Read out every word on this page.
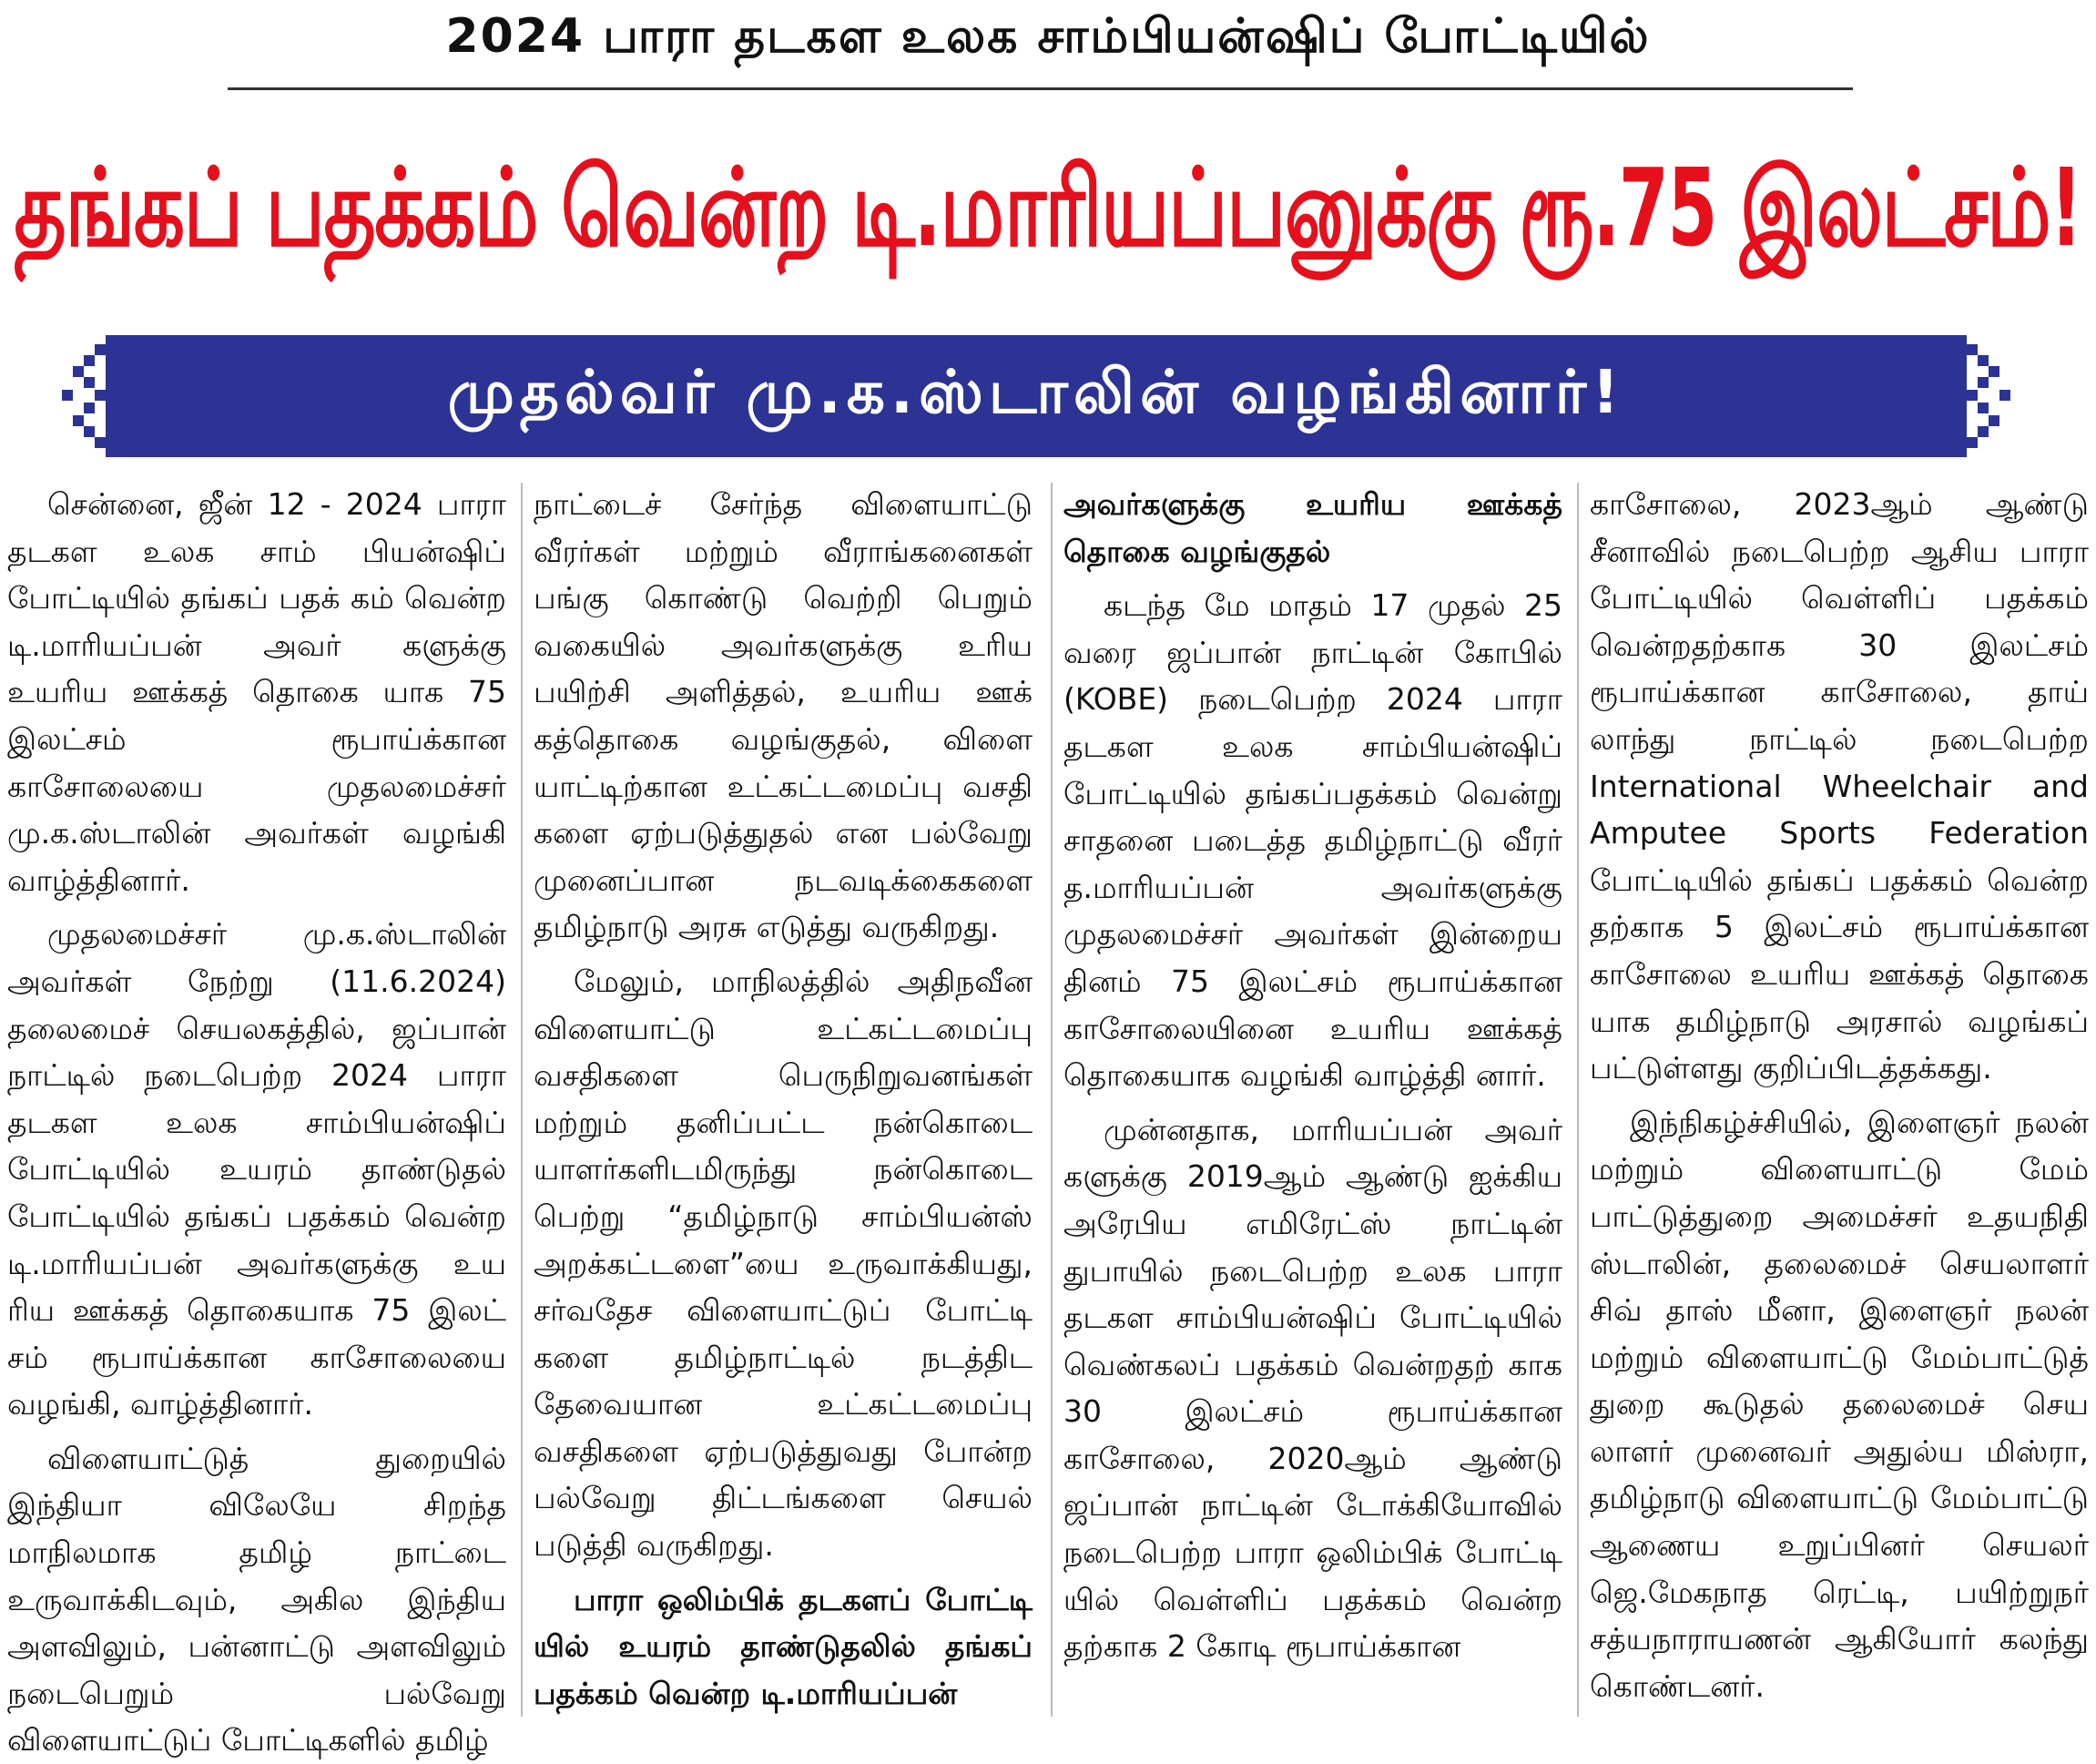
2024 பாரா தடகள உலக சாம்பியன்ஷிப் போட்டியில்
தங்கப் பதக்கம் வென்ற டி.மாரியப்பனுக்கு ரூ.75 இலட்சம்!
முதல்வர் மு.க.ஸ்டாலின் வழங்கினார்!

சென்னை, ஜீன் 12 - 2024 பாரா தடகள உலக சாம் பியன்ஷிப் போட்டியில் தங்கப் பதக் கம் வென்ற டி.மாரியப்பன் அவர் களுக்கு உயரிய ஊக்கத் தொகை யாக 75 இலட்சம் ரூபாய்க்கான காசோலையை முதலமைச்சர் மு.க.ஸ்டாலின் அவர்கள் வழங்கி வாழ்த்தினார்.

முதலமைச்சர் மு.க.ஸ்டாலின் அவர்கள் நேற்று (11.6.2024) தலைமைச் செயலகத்தில், ஜப்பான் நாட்டில் நடைபெற்ற 2024 பாரா தடகள உலக சாம்பியன்ஷிப் போட்டியில் உயரம் தாண்டுதல் போட்டியில் தங்கப் பதக்கம் வென்ற டி.மாரியப்பன் அவர்களுக்கு உய ரிய ஊக்கத் தொகையாக 75 இலட் சம் ரூபாய்க்கான காசோலையை வழங்கி, வாழ்த்தினார்.

விளையாட்டுத் துறையில் இந்தியா விலேயே சிறந்த மாநிலமாக தமிழ் நாட்டை உருவாக்கிடவும், அகில இந்திய அளவிலும், பன்னாட்டு அளவிலும் நடைபெறும் பல்வேறு விளையாட்டுப் போட்டிகளில் தமிழ்

நாட்டைச் சேர்ந்த விளையாட்டு வீரர்கள் மற்றும் வீராங்கனைகள் பங்கு கொண்டு வெற்றி பெறும் வகையில் அவர்களுக்கு உரிய பயிற்சி அளித்தல், உயரிய ஊக் கத்தொகை வழங்குதல், விளை யாட்டிற்கான உட்கட்டமைப்பு வசதி களை ஏற்படுத்துதல் என பல்வேறு முனைப்பான நடவடிக்கைகளை தமிழ்நாடு அரசு எடுத்து வருகிறது.

மேலும், மாநிலத்தில் அதிநவீன விளையாட்டு உட்கட்டமைப்பு வசதிகளை பெருநிறுவனங்கள் மற்றும் தனிப்பட்ட நன்கொடை யாளர்களிடமிருந்து நன்கொடை பெற்று “தமிழ்நாடு சாம்பியன்ஸ் அறக்கட்டளை”யை உருவாக்கியது, சர்வதேச விளையாட்டுப் போட்டி களை தமிழ்நாட்டில் நடத்திட தேவையான உட்கட்டமைப்பு வசதிகளை ஏற்படுத்துவது போன்ற பல்வேறு திட்டங்களை செயல் படுத்தி வருகிறது.

பாரா ஒலிம்பிக் தடகளப் போட்டி யில் உயரம் தாண்டுதலில் தங்கப் பதக்கம் வென்ற டி.மாரியப்பன்

அவர்களுக்கு உயரிய ஊக்கத் தொகை வழங்குதல்

கடந்த மே மாதம் 17 முதல் 25 வரை ஜப்பான் நாட்டின் கோபில் (KOBE) நடைபெற்ற 2024 பாரா தடகள உலக சாம்பியன்ஷிப் போட்டியில் தங்கப்பதக்கம் வென்று சாதனை படைத்த தமிழ்நாட்டு வீரர் த.மாரியப்பன் அவர்களுக்கு முதலமைச்சர் அவர்கள் இன்றைய தினம் 75 இலட்சம் ரூபாய்க்கான காசோலையினை உயரிய ஊக்கத் தொகையாக வழங்கி வாழ்த்தி னார்.

முன்னதாக, மாரியப்பன் அவர் களுக்கு 2019ஆம் ஆண்டு ஐக்கிய அரேபிய எமிரேட்ஸ் நாட்டின் துபாயில் நடைபெற்ற உலக பாரா தடகள சாம்பியன்ஷிப் போட்டியில் வெண்கலப் பதக்கம் வென்றதற் காக 30 இலட்சம் ரூபாய்க்கான காசோலை, 2020ஆம் ஆண்டு ஜப்பான் நாட்டின் டோக்கியோவில் நடைபெற்ற பாரா ஒலிம்பிக் போட்டி யில் வெள்ளிப் பதக்கம் வென்ற தற்காக 2 கோடி ரூபாய்க்கான

காசோலை, 2023ஆம் ஆண்டு சீனாவில் நடைபெற்ற ஆசிய பாரா போட்டியில் வெள்ளிப் பதக்கம் வென்றதற்காக 30 இலட்சம் ரூபாய்க்கான காசோலை, தாய் லாந்து நாட்டில் நடைபெற்ற International Wheelchair and Amputee Sports Federation போட்டியில் தங்கப் பதக்கம் வென்ற தற்காக 5 இலட்சம் ரூபாய்க்கான காசோலை உயரிய ஊக்கத் தொகை யாக தமிழ்நாடு அரசால் வழங்கப் பட்டுள்ளது குறிப்பிடத்தக்கது.

இந்நிகழ்ச்சியில், இளைஞர் நலன் மற்றும் விளையாட்டு மேம் பாட்டுத்துறை அமைச்சர் உதயநிதி ஸ்டாலின், தலைமைச் செயலாளர் சிவ் தாஸ் மீனா, இளைஞர் நலன் மற்றும் விளையாட்டு மேம்பாட்டுத் துறை கூடுதல் தலைமைச் செய லாளர் முனைவர் அதுல்ய மிஸ்ரா, தமிழ்நாடு விளையாட்டு மேம்பாட்டு ஆணைய உறுப்பினர் செயலர் ஜெ.மேகநாத ரெட்டி, பயிற்றுநர் சத்யநாராயணன் ஆகியோர் கலந்து கொண்டனர்.
